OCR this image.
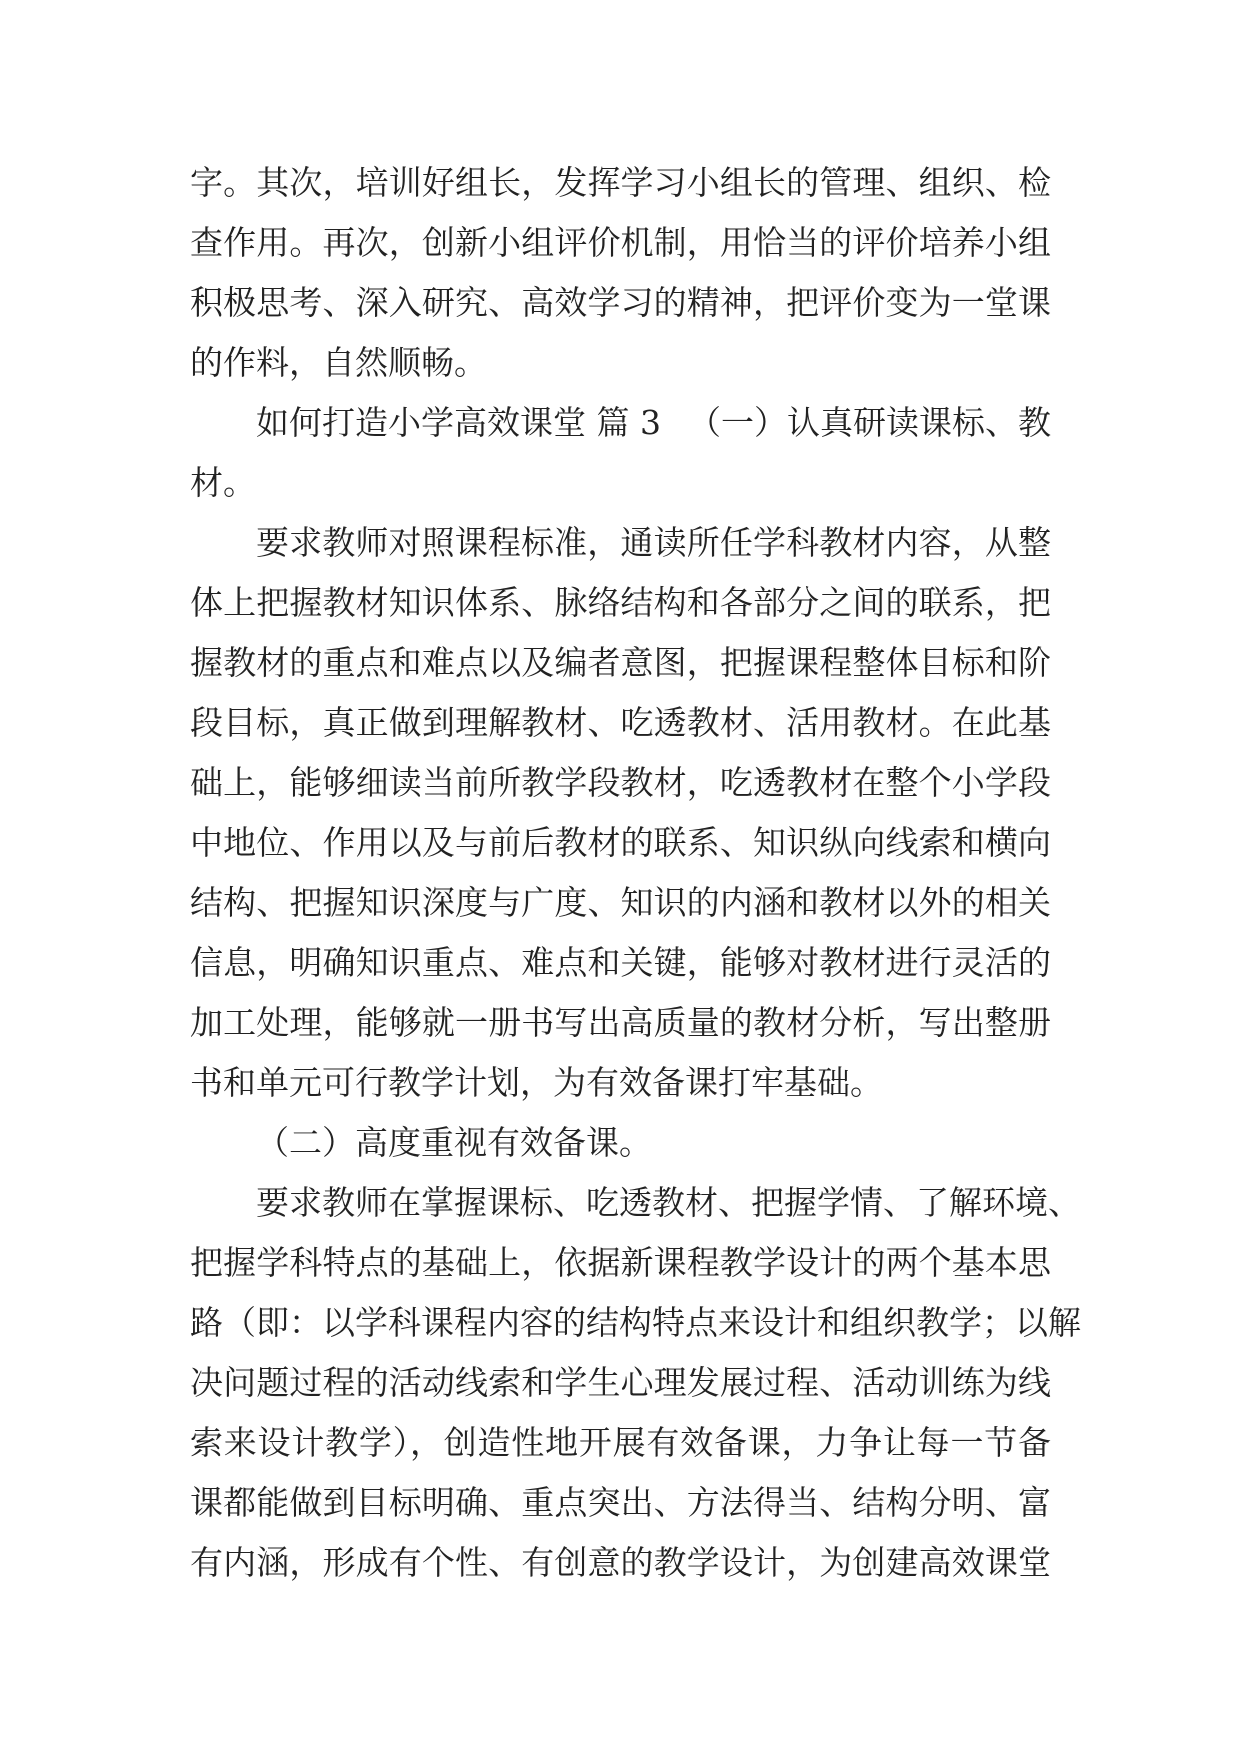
字。其次，培训好组长，发挥学习小组长的管理、组织、检
查作用。再次，创新小组评价机制，用恰当的评价培养小组
积极思考、深入研究、高效学习的精神，把评价变为一堂课
的作料，自然顺畅。
如何打造小学高效课堂 篇 3 （一）认真研读课标、教
材。
要求教师对照课程标准，通读所任学科教材内容，从整
体上把握教材知识体系、脉络结构和各部分之间的联系，把
握教材的重点和难点以及编者意图，把握课程整体目标和阶
段目标，真正做到理解教材、吃透教材、活用教材。在此基
础上，能够细读当前所教学段教材，吃透教材在整个小学段
中地位、作用以及与前后教材的联系、知识纵向线索和横向
结构、把握知识深度与广度、知识的内涵和教材以外的相关
信息，明确知识重点、难点和关键，能够对教材进行灵活的
加工处理，能够就一册书写出高质量的教材分析，写出整册
书和单元可行教学计划，为有效备课打牢基础。
（二）高度重视有效备课。
要求教师在掌握课标、吃透教材、把握学情、了解环境、
把握学科特点的基础上，依据新课程教学设计的两个基本思
路（即：以学科课程内容的结构特点来设计和组织教学；以解
决问题过程的活动线索和学生心理发展过程、活动训练为线
索来设计教学），创造性地开展有效备课，力争让每一节备
课都能做到目标明确、重点突出、方法得当、结构分明、富
有内涵，形成有个性、有创意的教学设计，为创建高效课堂
